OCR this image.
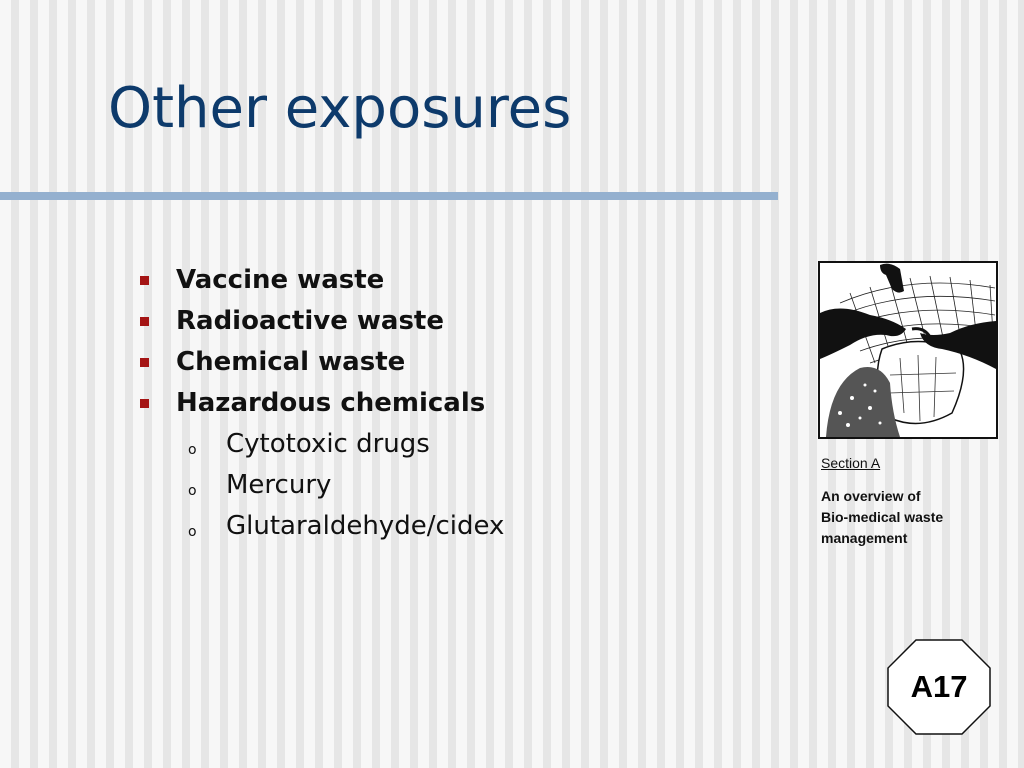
Other exposures
Vaccine waste
Radioactive waste
Chemical waste
Hazardous chemicals
o Cytotoxic drugs
o Mercury
o Glutaraldehyde/cidex
Section A
An overview of
Bio-medical waste
management
A17
